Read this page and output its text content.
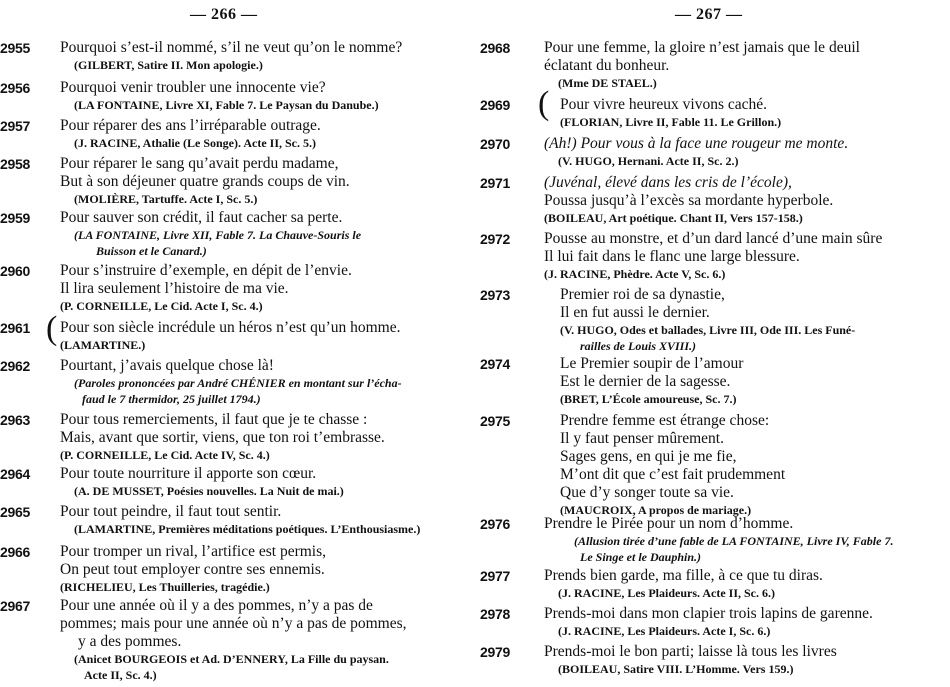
— 266 —
2955 Pourquoi s’est-il nommé, s’il ne veut qu’on le nomme?
(GILBERT, Satire II. Mon apologie.)
2956 Pourquoi venir troubler une innocente vie?
(LA FONTAINE, Livre XI, Fable 7. Le Paysan du Danube.)
2957 Pour réparer des ans l’irréparable outrage.
(J. RACINE, Athalie (Le Songe). Acte II, Sc. 5.)
2958 Pour réparer le sang qu’avait perdu madame,
But à son déjeuner quatre grands coups de vin.
(MOLIÈRE, Tartuffe. Acte I, Sc. 5.)
2959 Pour sauver son crédit, il faut cacher sa perte.
(LA FONTAINE, Livre XII, Fable 7. La Chauve-Souris le
Buisson et le Canard.)
2960 Pour s’instruire d’exemple, en dépit de l’envie.
Il lira seulement l’histoire de ma vie.
(P. CORNEILLE, Le Cid. Acte I, Sc. 4.)
2961 ( Pour son siècle incrédule un héros n’est qu’un homme.
(LAMARTINE.)
2962 Pourtant, j’avais quelque chose là!
(Paroles prononcées par André CHÉNIER en montant sur l’écha-
faud le 7 thermidor, 25 juillet 1794.)
2963 Pour tous remerciements, il faut que je te chasse :
Mais, avant que sortir, viens, que ton roi t’embrasse.
(P. CORNEILLE, Le Cid. Acte IV, Sc. 4.)
2964 Pour toute nourriture il apporte son cœur.
(A. DE MUSSET, Poésies nouvelles. La Nuit de mai.)
2965 Pour tout peindre, il faut tout sentir.
(LAMARTINE, Premières méditations poétiques. L’Enthousiasme.)
2966 Pour tromper un rival, l’artifice est permis,
On peut tout employer contre ses ennemis.
(RICHELIEU, Les Thuilleries, tragédie.)
2967 Pour une année où il y a des pommes, n’y a pas de
pommes; mais pour une année où n’y a pas de pommes,
y a des pommes.
(Anicet BOURGEOIS et Ad. D’ENNERY, La Fille du paysan.
Acte II, Sc. 4.)
— 267 —
2968 Pour une femme, la gloire n’est jamais que le deuil
éclatant du bonheur.
(Mme DE STAEL.)
2969 ( Pour vivre heureux vivons caché.
(FLORIAN, Livre II, Fable 11. Le Grillon.)
2970 (Ah!) Pour vous à la face une rougeur me monte.
(V. HUGO, Hernani. Acte II, Sc. 2.)
2971 (Juvénal, élevé dans les cris de l’école),
Poussa jusqu’à l’excès sa mordante hyperbole.
(BOILEAU, Art poétique. Chant II, Vers 157-158.)
2972 Pousse au monstre, et d’un dard lancé d’une main sûre
Il lui fait dans le flanc une large blessure.
(J. RACINE, Phèdre. Acte V, Sc. 6.)
2973	Premier roi de sa dynastie,
Il en fut aussi le dernier.
(V. HUGO, Odes et ballades, Livre III, Ode III. Les Funé-
railles de Louis XVIII.)
2974	Le Premier soupir de l’amour
Est le dernier de la sagesse.
(BRET, L’École amoureuse, Sc. 7.)
2975	Prendre femme est étrange chose:
Il y faut penser mûrement.
Sages gens, en qui je me fie,
M’ont dit que c’est fait prudemment
Que d’y songer toute sa vie.
(MAUCROIX, A propos de mariage.)
2976 Prendre le Pirée pour un nom d’homme.
(Allusion tirée d’une fable de LA FONTAINE, Livre IV, Fable 7.
Le Singe et le Dauphin.)
2977 Prends bien garde, ma fille, à ce que tu diras.
(J. RACINE, Les Plaideurs. Acte II, Sc. 6.)
2978 Prends-moi dans mon clapier trois lapins de garenne.
(J. RACINE, Les Plaideurs. Acte I, Sc. 6.)
2979 Prends-moi le bon parti; laisse là tous les livres
(BOILEAU, Satire VIII. L’Homme. Vers 159.)
